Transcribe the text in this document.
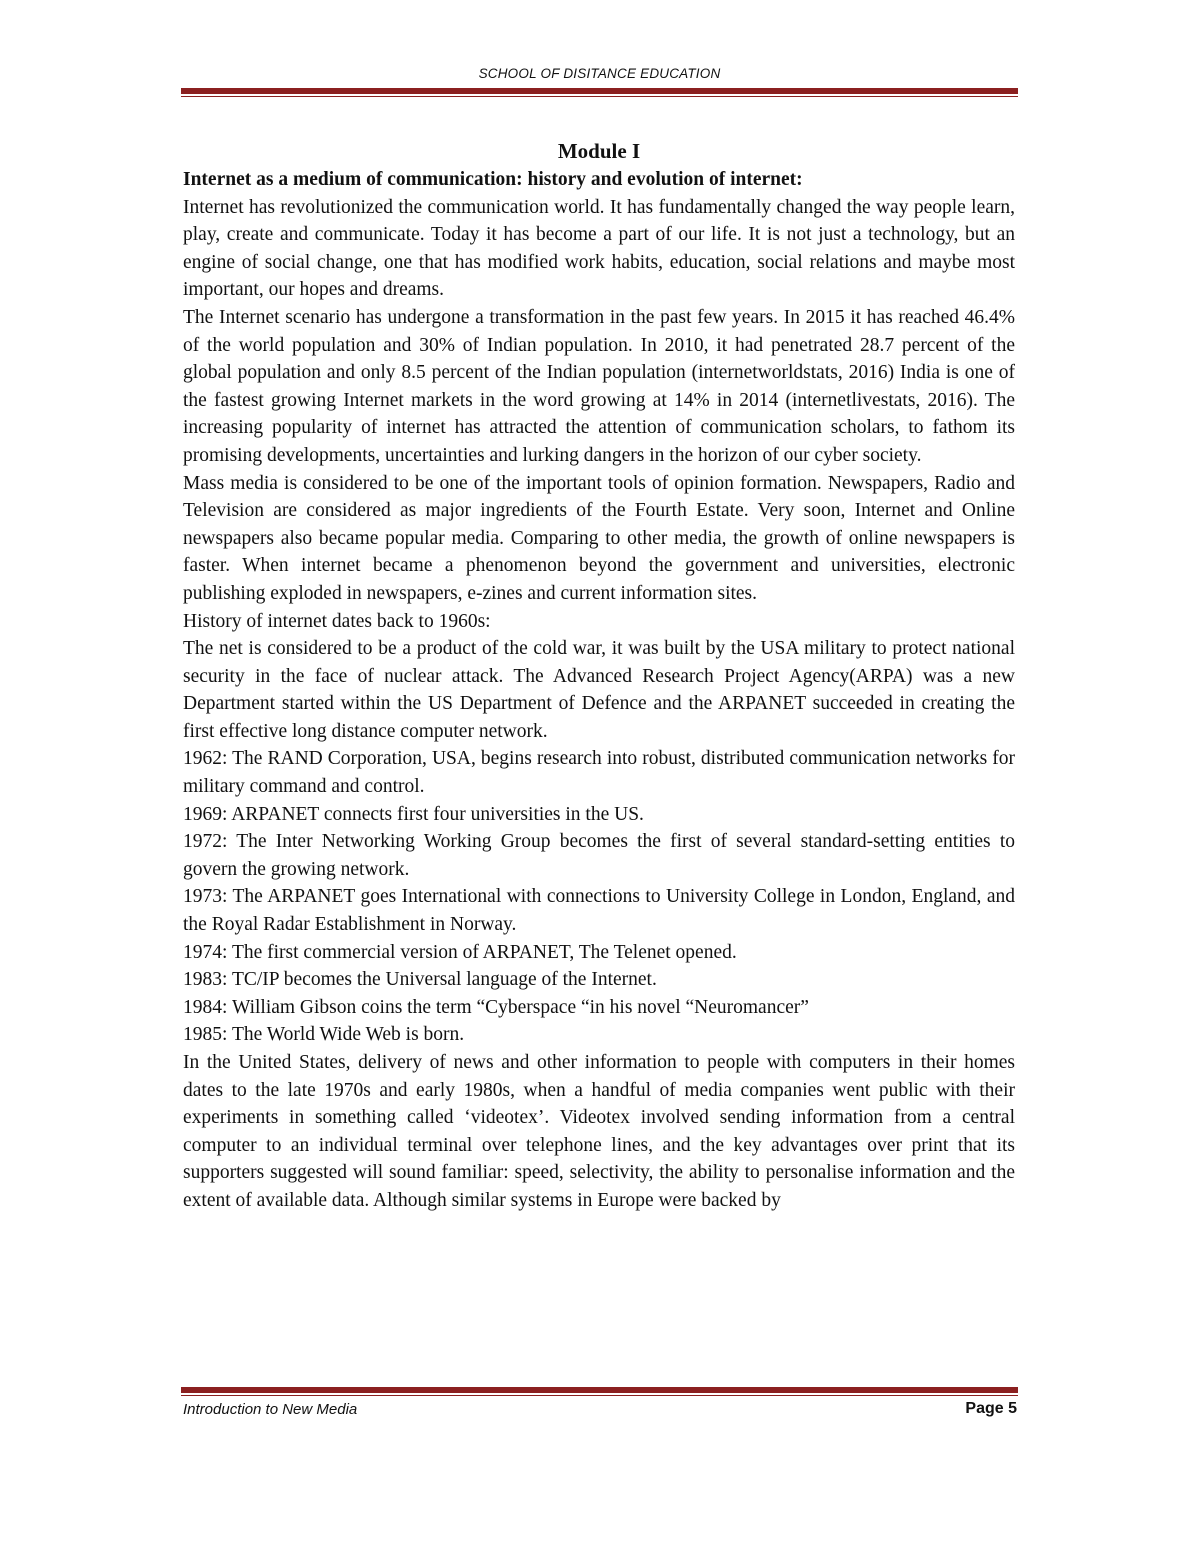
SCHOOL OF DISITANCE EDUCATION
Module I
Internet as a medium of communication: history and evolution of internet:

Internet has revolutionized the communication world. It has fundamentally changed the way people learn, play, create and communicate. Today it has become a part of our life. It is not just a technology, but an engine of social change, one that has modified work habits, education, social relations and maybe most important, our hopes and dreams.

The Internet scenario has undergone a transformation in the past few years. In 2015 it has reached 46.4% of the world population and 30% of Indian population. In 2010, it had penetrated 28.7 percent of the global population and only 8.5 percent of the Indian population (internetworldstats, 2016) India is one of the fastest growing Internet markets in the word growing at 14% in 2014 (internetlivestats, 2016). The increasing popularity of internet has attracted the attention of communication scholars, to fathom its promising developments, uncertainties and lurking dangers in the horizon of our cyber society.

Mass media is considered to be one of the important tools of opinion formation. Newspapers, Radio and Television are considered as major ingredients of the Fourth Estate. Very soon, Internet and Online newspapers also became popular media. Comparing to other media, the growth of online newspapers is faster. When internet became a phenomenon beyond the government and universities, electronic publishing exploded in newspapers, e-zines and current information sites.

History of internet dates back to 1960s:

The net is considered to be a product of the cold war, it was built by the USA military to protect national security in the face of nuclear attack. The Advanced Research Project Agency(ARPA) was a new Department started within the US Department of Defence and the ARPANET succeeded in creating the first effective long distance computer network.

1962: The RAND Corporation, USA, begins research into robust, distributed communication networks for military command and control.

1969: ARPANET connects first four universities in the US.

1972: The Inter Networking Working Group becomes the first of several standard-setting entities to govern the growing network.

1973: The ARPANET goes International with connections to University College in London, England, and the Royal Radar Establishment in Norway.

1974: The first commercial version of ARPANET, The Telenet opened.

1983: TC/IP becomes the Universal language of the Internet.

1984: William Gibson coins the term “Cyberspace “in his novel “Neuromancer”

1985: The World Wide Web is born.

In the United States, delivery of news and other information to people with computers in their homes dates to the late 1970s and early 1980s, when a handful of media companies went public with their experiments in something called ‘videotex’. Videotex involved sending information from a central computer to an individual terminal over telephone lines, and the key advantages over print that its supporters suggested will sound familiar: speed, selectivity, the ability to personalise information and the extent of available data. Although similar systems in Europe were backed by

Introduction to New Media	Page 5
